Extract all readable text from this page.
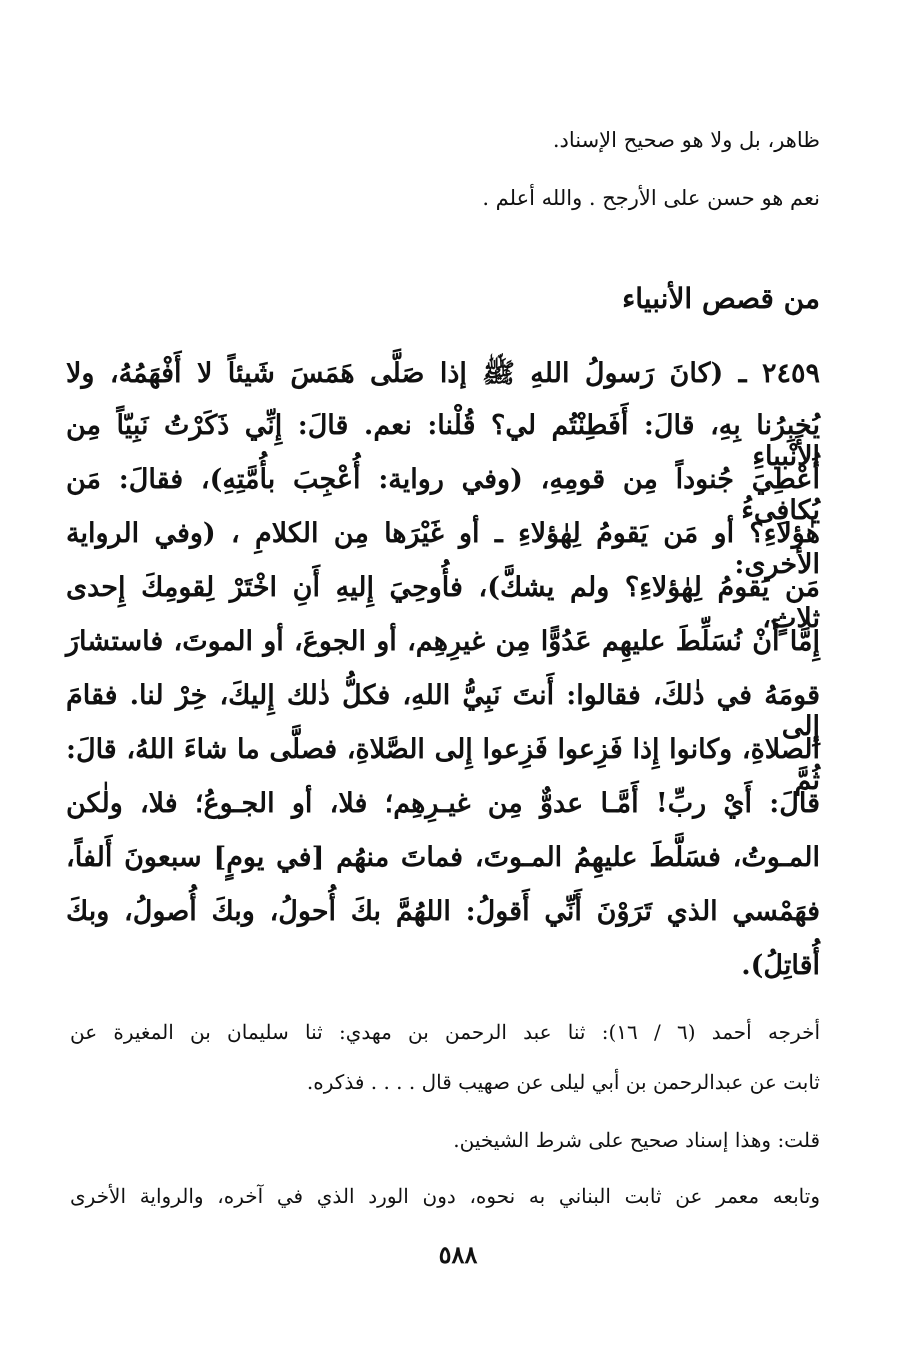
ظاهر، بل ولا هو صحيح الإسناد.
نعم هو حسن على الأرجح . والله أعلم .
من قصص الأنبياء
٢٤٥٩ ـ (كانَ رَسولُ اللهِ ﷺ إذا صَلَّى هَمَسَ شَيئاً لا أَفْهَمُهُ، ولا
يُخبِرُنا بِهِ، قالَ: أَفَطِنْتُم لي؟ قُلْنا: نعم. قالَ: إِنِّي ذَكَرْتُ نَبِيّاً مِن الأَنْبياءِ
أُعْطِيَ جُنوداً مِن قومِهِ، (وفي رواية: أُعْجِبَ بأُمَّتِهِ)، فقالَ: مَن يُكافِىءُ
هٰؤلاءِ؟ أو مَن يَقومُ لِهٰؤلاءِ ـ أو غَيْرَها مِن الكلامِ ، (وفي الرواية الأخرى:
مَن يَقومُ لِهٰؤلاءِ؟ ولم يشكَّ)، فأُوحِيَ إِليهِ أَنِ اخْتَرْ لِقومِكَ إِحدى ثلاثٍ،
إِمَّا أَنْ نُسَلِّطَ عليهِم عَدُوًّا مِن غيرِهِم، أو الجوعَ، أو الموتَ، فاستشارَ
قومَهُ في ذٰلكَ، فقالوا: أَنتَ نَبِيُّ اللهِ، فكلُّ ذٰلك إِليكَ، خِرْ لنا. فقامَ إِلى
الصلاةِ، وكانوا إِذا فَزِعوا فَزِعوا إِلى الصَّلاةِ، فصلَّى ما شاءَ اللهُ، قالَ: ثُمَّ
قالَ: أَيْ ربِّ! أَمَّـا عدوٌّ مِن غيـرِهِم؛ فلا، أو الجـوعُ؛ فلا، ولٰكن
المـوتُ، فسَلَّطَ عليهِمُ المـوتَ، فماتَ منهُم [في يومٍ] سبعونَ أَلفاً،
فهَمْسي الذي تَرَوْنَ أَنِّي أَقولُ: اللهُمَّ بكَ أُحولُ، وبكَ أُصولُ، وبكَ
أُقاتِلُ).
أخرجه أحمد (٦ / ١٦): ثنا عبد الرحمن بن مهدي: ثنا سليمان بن المغيرة عن
ثابت عن عبدالرحمن بن أبي ليلى عن صهيب قال . . . . فذكره.
قلت: وهذا إسناد صحيح على شرط الشيخين.
وتابعه معمر عن ثابت البناني به نحوه، دون الورد الذي في آخره، والرواية الأخرى
٥٨٨
